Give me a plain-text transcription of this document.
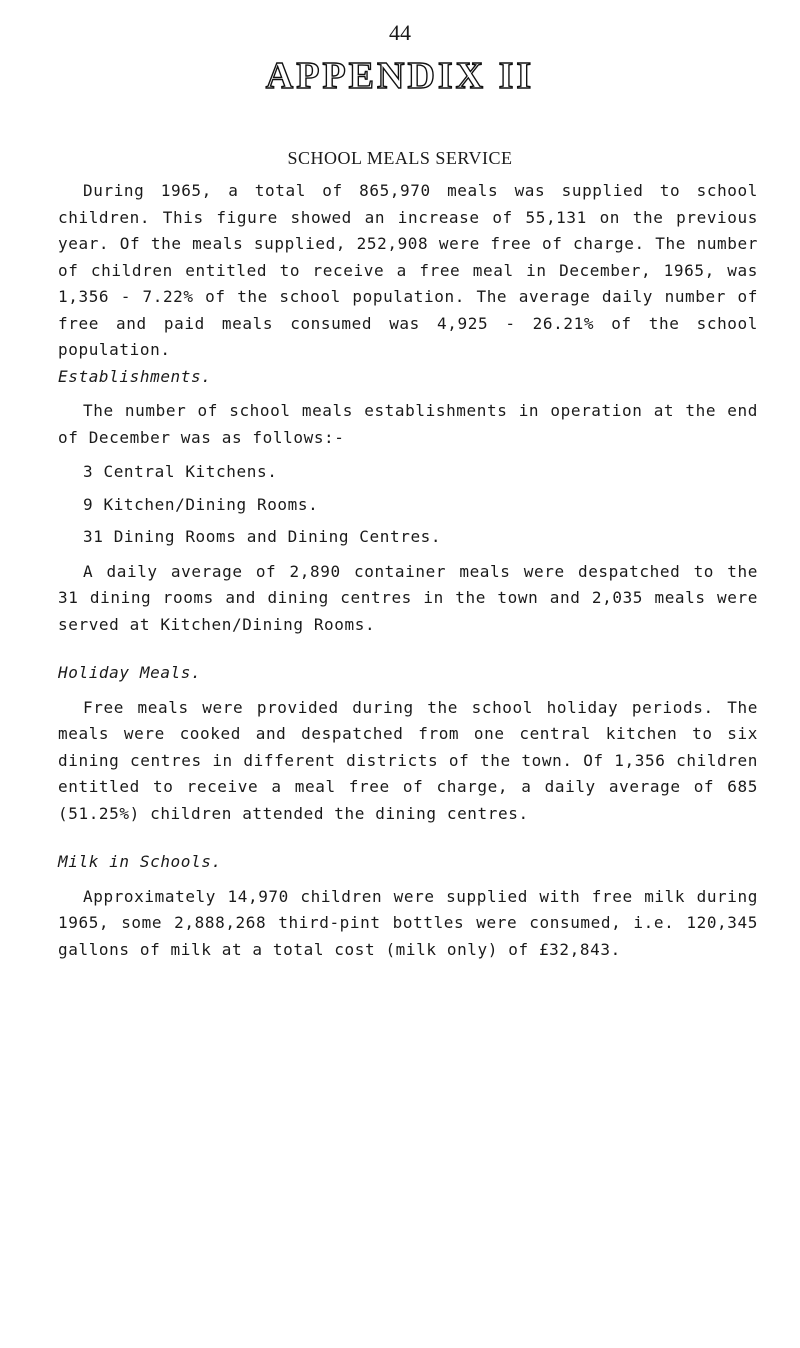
44
APPENDIX II
SCHOOL MEALS SERVICE

During 1965, a total of 865,970 meals was supplied to school children. This figure showed an increase of 55,131 on the previous year. Of the meals supplied, 252,908 were free of charge. The number of children entitled to receive a free meal in December, 1965, was 1,356 - 7.22% of the school population. The average daily number of free and paid meals consumed was 4,925 - 26.21% of the school population.

Establishments.

The number of school meals establishments in operation at the end of December was as follows:-

3 Central Kitchens.
9 Kitchen/Dining Rooms.
31 Dining Rooms and Dining Centres.

A daily average of 2,890 container meals were despatched to the 31 dining rooms and dining centres in the town and 2,035 meals were served at Kitchen/Dining Rooms.

Holiday Meals.

Free meals were provided during the school holiday periods. The meals were cooked and despatched from one central kitchen to six dining centres in different districts of the town. Of 1,356 children entitled to receive a meal free of charge, a daily average of 685 (51.25%) children attended the dining centres.

Milk in Schools.

Approximately 14,970 children were supplied with free milk during 1965, some 2,888,268 third-pint bottles were consumed, i.e. 120,345 gallons of milk at a total cost (milk only) of £32,843.
